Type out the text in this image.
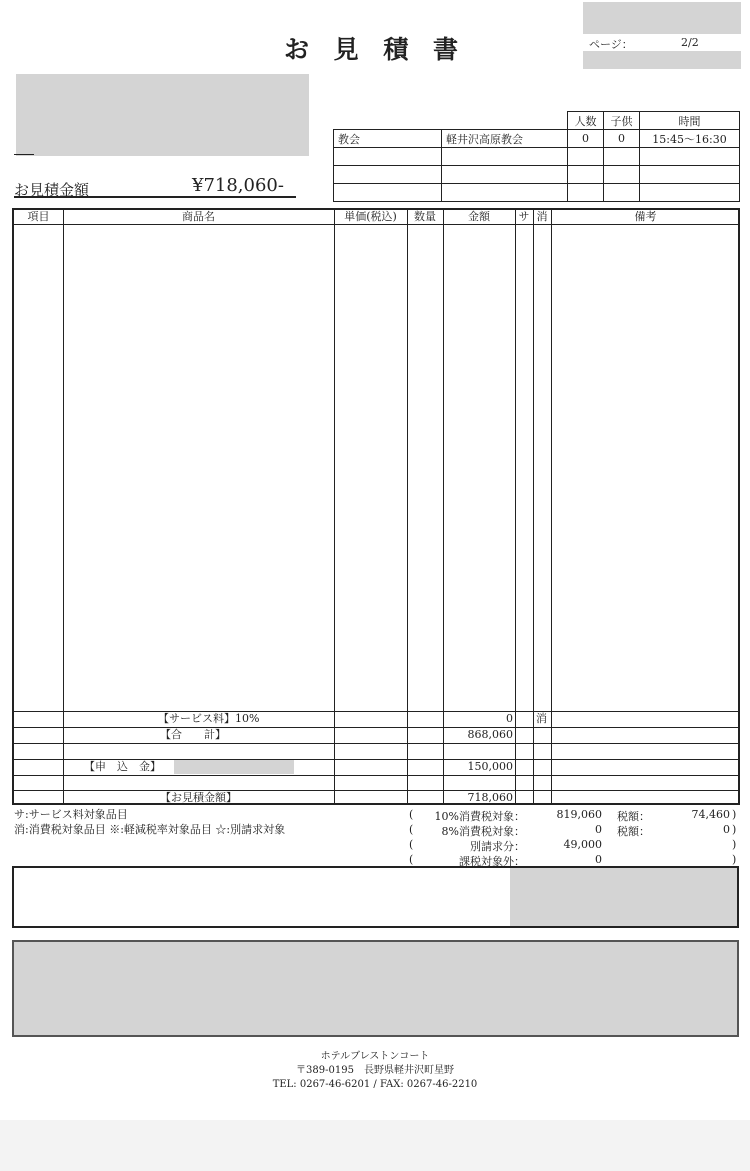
お 見 積 書	ページ：	2/2
お見積金額	¥718,060-
		人数	子供	時間
教会	軽井沢高原教会	0	0	15:45〜16:30

項目	商品名	単価(税込)	数量	金額	サ 消	備考
【サービス料】10%	0 消
【合　　計】	868,060
【申　込　金】	150,000
【お見積金額】	718,060
サ:サービス料対象品目
消:消費税対象品目 ※:軽減税率対象品目 ☆:別請求対象
(	10%消費税対象：	819,060 税額：	74,460 )
(	8%消費税対象：	0 税額：	0 )
(	別請求分：	49,000	)
(	課税対象外：	0	)
ホテルブレストンコート
〒389-0195　長野県軽井沢町星野
TEL: 0267-46-6201 / FAX: 0267-46-2210
